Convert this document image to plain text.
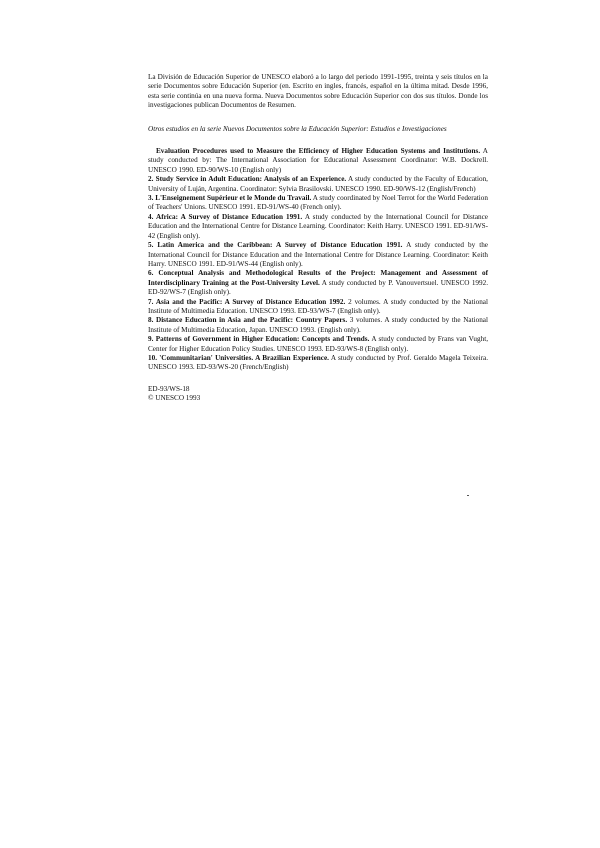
La División de Educación Superior de UNESCO elaboró a lo largo del periodo 1991-1995, treinta y seis títulos en la serie Documentos sobre Educación Superior (en. Escrito en ingles, francés, español en la última mitad. Desde 1996, esta serie continúa en una nueva forma. Nueva Documentos sobre Educación Superior con dos sus títulos. Donde los investigaciones publican Documentos de Resumen.

Otros estudios en la serie Nuevos Documentos sobre la Educación Superior: Estudios e Investigaciones

Evaluation Procedures used to Measure the Efficiency of Higher Education Systems and Institutions. A study conducted by: The International Association for Educational Assessment Coordinator: W.B. Dockrell. UNESCO 1990. ED-90/WS-10 (English only)

2. Study Service in Adult Education: Analysis of an Experience. A study conducted by the Faculty of Education, University of Luján, Argentina. Coordinator: Sylvia Brasilovski. UNESCO 1990. ED-90/WS-12 (English/French)

3. L'Enseignement Supérieur et le Monde du Travail. A study coordinated by Noel Terrot for the World Federation of Teachers' Unions. UNESCO 1991. ED-91/WS-40 (French only).

4. Africa: A Survey of Distance Education 1991. A study conducted by the International Council for Distance Education and the International Centre for Distance Learning. Coordinator: Keith Harry. UNESCO 1991. ED-91/WS-42 (English only).

5. Latin America and the Caribbean: A Survey of Distance Education 1991. A study conducted by the International Council for Distance Education and the International Centre for Distance Learning. Coordinator: Keith Harry. UNESCO 1991. ED-91/WS-44 (English only).

6. Conceptual Analysis and Methodological Results of the Project: Management and Assessment of Interdisciplinary Training at the Post-University Level. A study conducted by P. Vanouvertsuel. UNESCO 1992. ED-92/WS-7 (English only).

7. Asia and the Pacific: A Survey of Distance Education 1992. 2 volumes. A study conducted by the National Institute of Multimedia Education. UNESCO 1993. ED-93/WS-7 (English only).

8. Distance Education in Asia and the Pacific: Country Papers. 3 volumes. A study conducted by the National Institute of Multimedia Education, Japan. UNESCO 1993. (English only).

9. Patterns of Government in Higher Education: Concepts and Trends. A study conducted by Frans van Vught, Center for Higher Education Policy Studies. UNESCO 1993. ED-93/WS-8 (English only).

10. 'Communitarian' Universities. A Brazilian Experience. A study conducted by Prof. Geraldo Magela Teixeira. UNESCO 1993. ED-93/WS-20 (French/English)

ED-93/WS-18

© UNESCO 1993
